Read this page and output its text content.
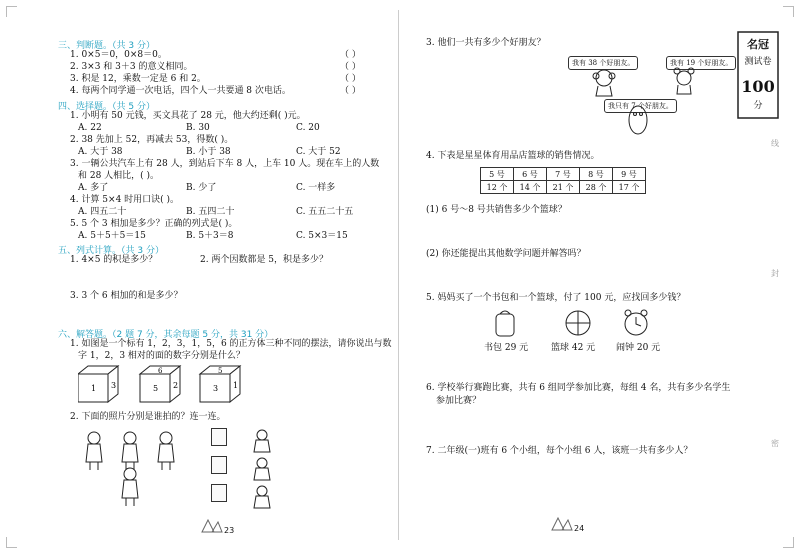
三、判断题。（共 3 分）
1. 0×5＝0，0×8＝0。	（ ）
2. 3×3 和 3＋3 的意义相同。	（ ）
3. 积是 12，乘数一定是 6 和 2。	（ ）
4. 每两个同学通一次电话，四个人一共要通 8 次电话。	（ ）
四、选择题。（共 5 分）
1. 小明有 50 元钱，买文具花了 28 元，他大约还剩( )元。
A. 22	B. 30	C. 20
2. 38 先加上 52，再减去 53，得数( )。
A. 大于 38	B. 小于 38	C. 大于 52
3. 一辆公共汽车上有 28 人，到站后下车 8 人，上车 10 人。现在车上的人数
和 28 人相比，( )。
A. 多了	B. 少了	C. 一样多
4. 计算 5×4 时用口诀( )。
A. 四五二十	B. 五四二十	C. 五五二十五
5. 5 个 3 相加是多少？正确的列式是( )。
A. 5＋5＋5＝15	B. 5＋3＝8	C. 5×3＝15
五、列式计算。（共 3 分）
1. 4×5 的积是多少？	2. 两个因数都是 5，积是多少？
3. 3 个 6 相加的和是多少？
六、解答题。（2 题 7 分，其余每题 5 分，共 31 分）
1. 如图是一个标有 1，2，3，1，5，6 的正方体三种不同的摆法，请你说出与数
字 1，2，3 相对的面的数字分别是什么？
1 3	5 2
6
3 1
5
2. 下面的照片分别是谁拍的？连一连。
23
3. 他们一共有多少个好朋友？
我有 38 个好朋友。	我有 19 个好朋友。
我只有 7 个好朋友。
名冠
测试卷
100
分
4. 下表是星星体育用品店篮球的销售情况。
5 号	6 号	7 号	8 号	9 号
12 个	14 个	21 个	28 个	17 个
(1) 6 号～8 号共销售多少个篮球？
(2) 你还能提出其他数学问题并解答吗？
5. 妈妈买了一个书包和一个篮球，付了 100 元，应找回多少钱？
书包 29 元	篮球 42 元 闹钟 20 元
6. 学校举行赛跑比赛，共有 6 组同学参加比赛，每组 4 名，共有多少名学生
参加比赛？
7. 二年级(一)班有 6 个小组，每个小组 6 人，该班一共有多少人？
24
线
封
密
